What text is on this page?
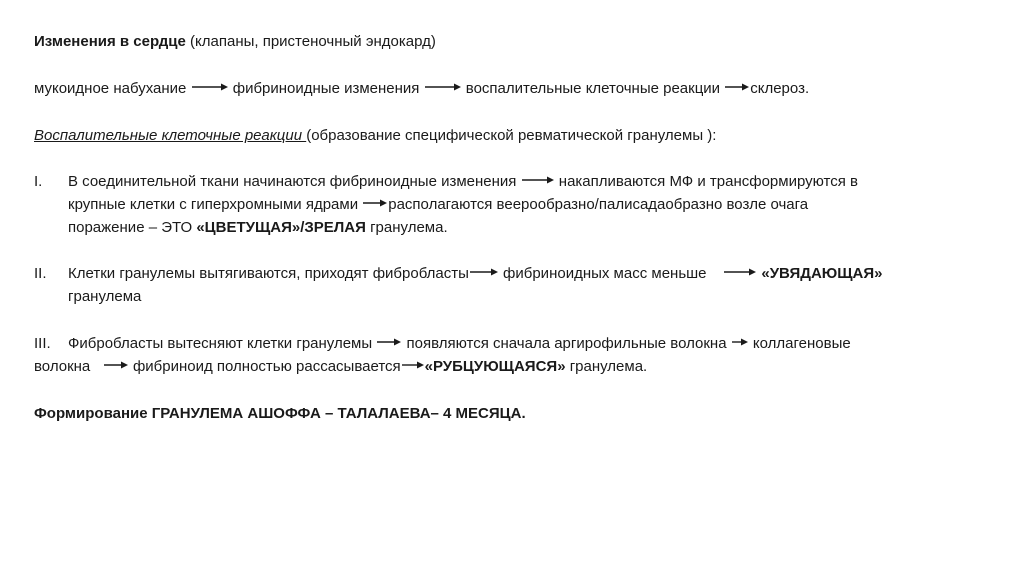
Изменения в сердце (клапаны, пристеночный эндокард)
мукоидное набухание	фибриноидные изменения	воспалительные клеточные реакции склероз.
Воспалительные клеточные реакции (образование специфической ревматической гранулемы ):
I. В соединительной ткани начинаются фибриноидные изменения	накапливаются МФ и трансформируются в
крупные клетки с гиперхромными ядрами располагаются веерообразно/палисадаобразно возле очага
поражение – ЭТО «ЦВЕТУЩАЯ»/ЗРЕЛАЯ гранулема.
II. Клетки гранулемы вытягиваются, приходят фибробласты фибриноидных масс меньше	«УВЯДАЮЩАЯ»
гранулема
III. Фибробласты вытесняют клетки гранулемы появляются сначала аргирофильные волокна коллагеновые
волокна	фибриноид полностью рассасывается «РУБЦУЮЩАЯСЯ» гранулема.
Формирование ГРАНУЛЕМА АШОФФА – ТАЛАЛАЕВА– 4 МЕСЯЦА.
